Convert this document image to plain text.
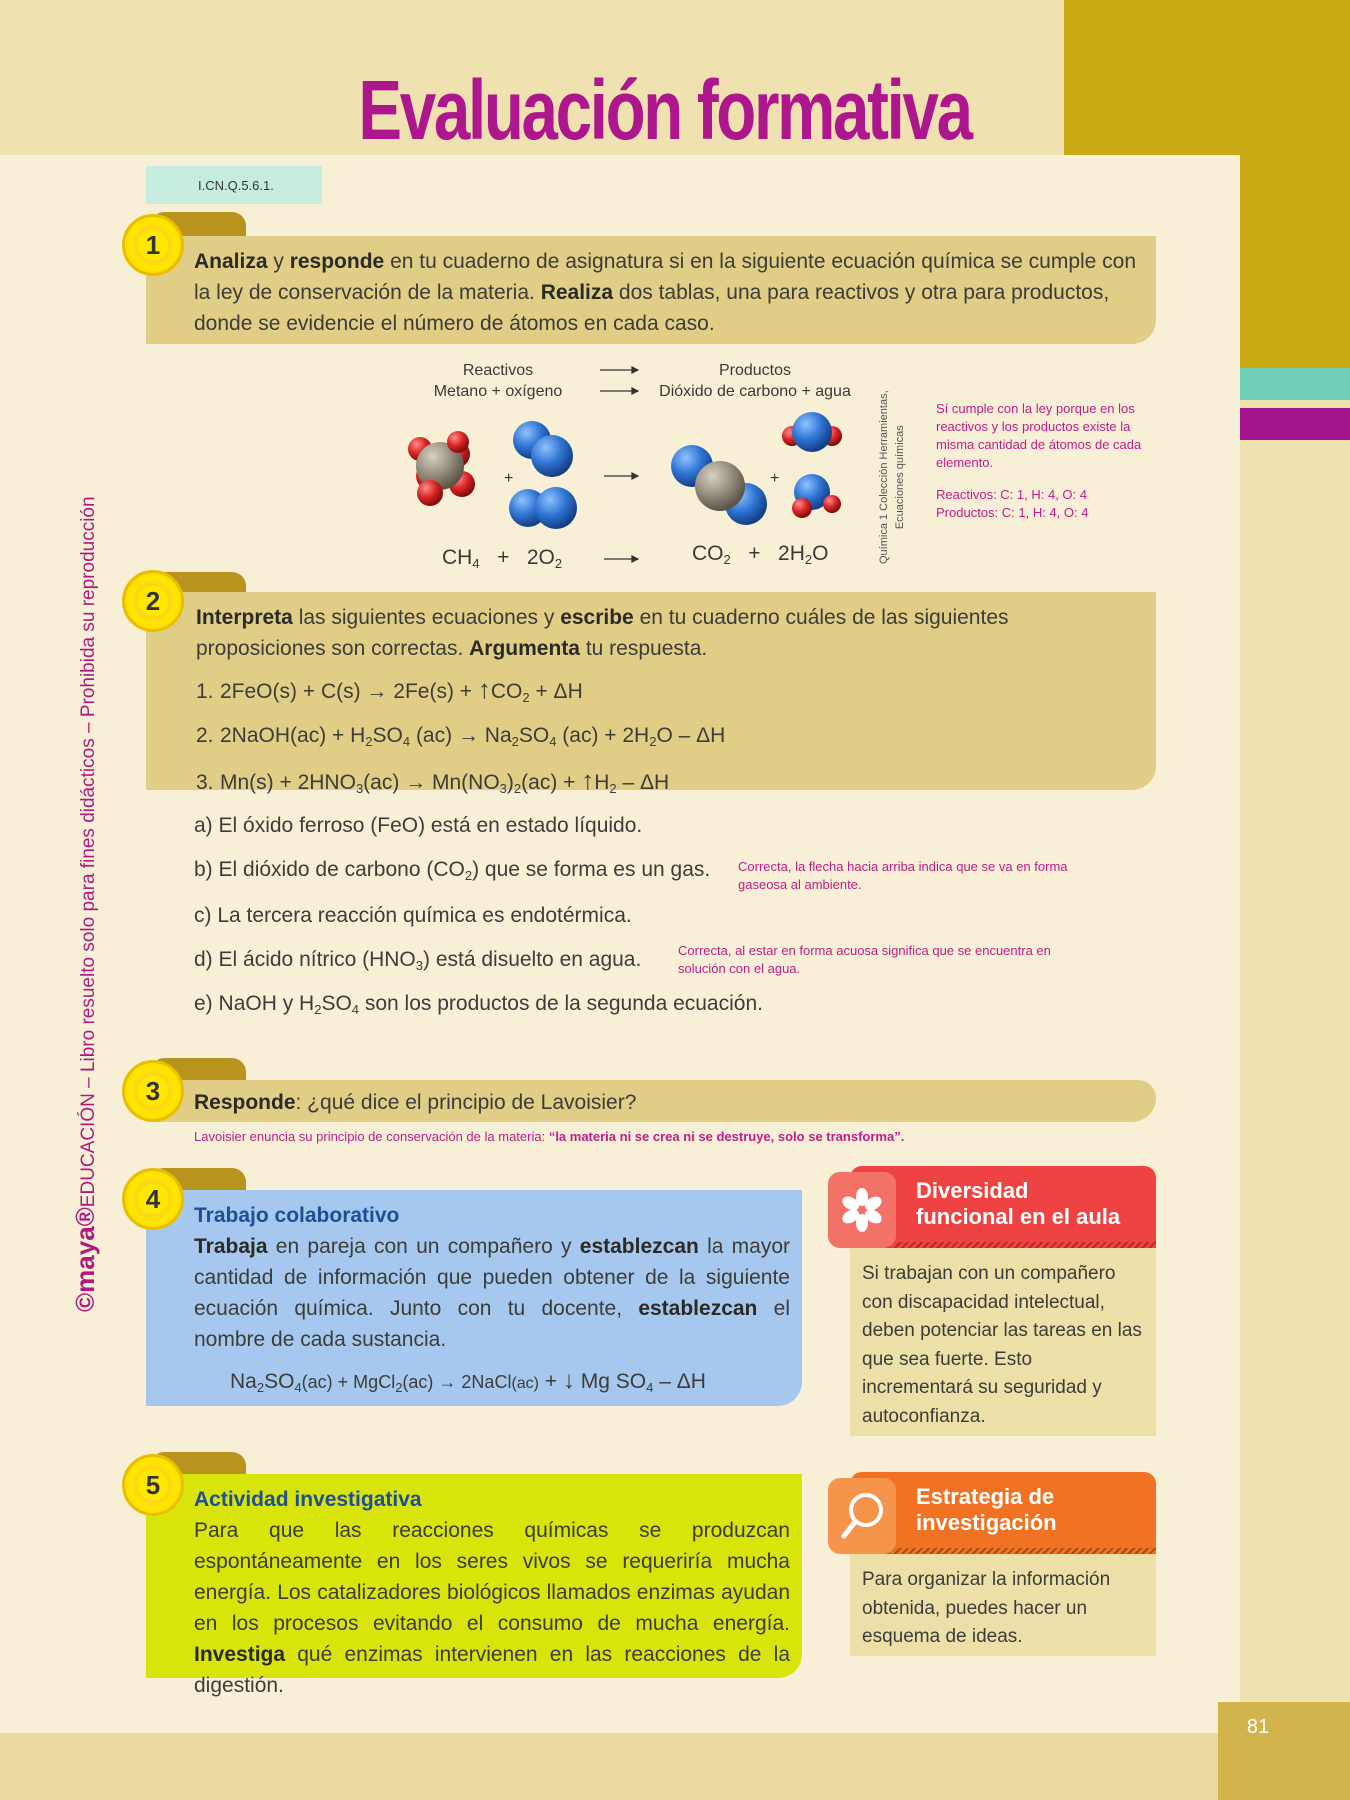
81
Evaluación formativa
I.CN.Q.5.6.1.
©maya®EDUCACIÓN – Libro resuelto solo para fines didácticos – Prohibida su reproducción
Analiza y responde en tu cuaderno de asignatura si en la siguiente ecuación química se cumple con la ley de conservación de la materia. Realiza dos tablas, una para reactivos y otra para productos, donde se evidencie el número de átomos en cada caso.
1
Reactivos
Metano + oxígeno
Productos
Dióxido de carbono + agua
+	+
$CH_4 + 2O_2$	$CO_2 + 2H_2O$	Química 1 Colección Herramientas, Ecuaciones químicas
Sí cumple con la ley porque en los reactivos y los productos existe la misma cantidad de átomos de cada elemento.
Reactivos: C: 1, H: 4, O: 4
Productos: C: 1, H: 4, O: 4
Interpreta las siguientes ecuaciones y escribe en tu cuaderno cuáles de las siguientes proposiciones son correctas. Argumenta tu respuesta.
1. $2FeO(s) + C(s) \to 2Fe(s) + ↑CO_2 + \Delta H$
2. 2NaOH(ac) + $H_2SO_4$ $(ac) \to Na_2SO_4$ $(ac) + 2H_2O - \Delta H$
3. $Mn(s) + 2HNO_3(ac) \to Mn(NO_3)_2(ac)$ + $↑H_2$ – ΔH
2
a) El óxido ferroso (FeO) está en estado líquido.
b) El dióxido de carbono $(CO_2)$ que se forma es un gas. Correcta, la flecha hacia arriba indica que se va en forma gaseosa al ambiente.
c) La tercera reacción química es endotérmica.
d) El ácido nítrico $(HNO_3)$ está disuelto en agua.	Correcta, al estar en forma acuosa significa que se encuentra en solución con el agua.
e) NaOH y $H_2SO_4$ son los productos de la segunda ecuación.
Responde: ¿qué dice el principio de Lavoisier?
3
Lavoisier enuncia su principio de conservación de la materia: “la materia ni se crea ni se destruye, solo se transforma”.
Trabajo colaborativo
Trabaja en pareja con un compañero y establezcan la mayor cantidad de información que pueden obtener de la siguiente ecuación química. Junto con tu docente, establezcan el nombre de cada sustancia.
$Na_2SO_4(ac)$ + MgCl$_2$(ac) → 2NaCl(ac) + ↓ Mg $SO_4$ – ΔH
4	Diversidad
funcional en el aula
Si trabajan con un compañero con discapacidad intelectual, deben potenciar las tareas en las que sea fuerte. Esto incrementará su seguridad y autoconfianza.
Actividad investigativa
Para que las reacciones químicas se produzcan espontáneamente en los seres vivos se requeriría mucha energía. Los catalizadores biológicos llamados enzimas ayudan en los procesos evitando el consumo de mucha energía. Investiga qué enzimas intervienen en las reacciones de la digestión.
5	Estrategia de
investigación
Para organizar la información obtenida, puedes hacer un esquema de ideas.
